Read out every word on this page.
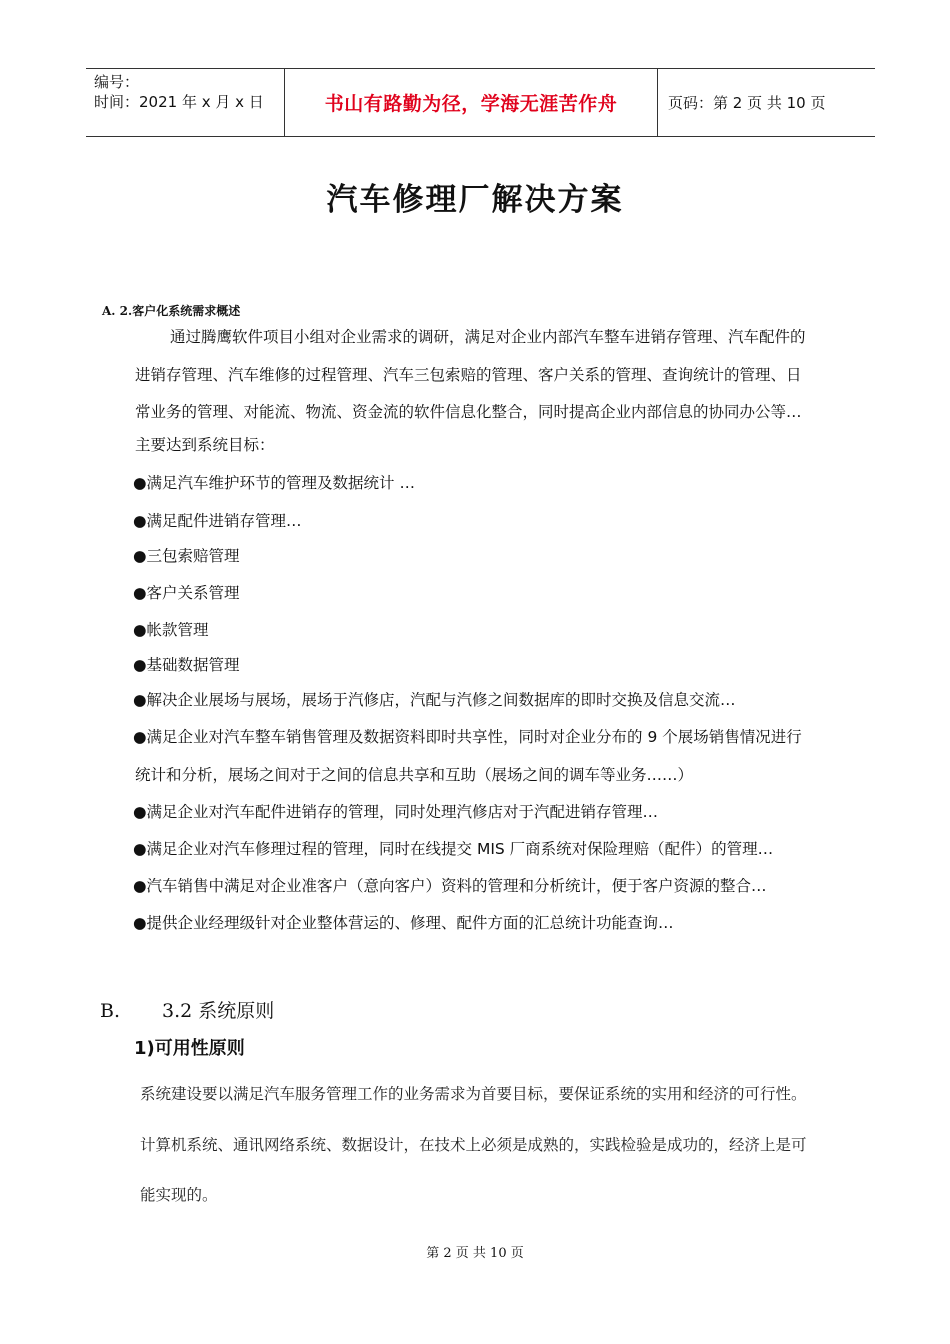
编号：
时间：2021 年 x 月 x 日	书山有路勤为径，学海无涯苦作舟	页码：第 2 页 共 10 页
汽车修理厂解决方案
A. 2.客户化系统需求概述
通过腾鹰软件项目小组对企业需求的调研，满足对企业内部汽车整车进销存管理、汽车配件的
进销存管理、汽车维修的过程管理、汽车三包索赔的管理、客户关系的管理、查询统计的管理、日
常业务的管理、对能流、物流、资金流的软件信息化整合，同时提高企业内部信息的协同办公等…
主要达到系统目标：
●满足汽车维护环节的管理及数据统计 …
●满足配件进销存管理…
●三包索赔管理
●客户关系管理
●帐款管理
●基础数据管理
●解决企业展场与展场，展场于汽修店，汽配与汽修之间数据库的即时交换及信息交流…
●满足企业对汽车整车销售管理及数据资料即时共享性，同时对企业分布的 9 个展场销售情况进行
统计和分析，展场之间对于之间的信息共享和互助（展场之间的调车等业务……）
●满足企业对汽车配件进销存的管理，同时处理汽修店对于汽配进销存管理…
●满足企业对汽车修理过程的管理，同时在线提交 MIS 厂商系统对保险理赔（配件）的管理…
●汽车销售中满足对企业准客户（意向客户）资料的管理和分析统计，便于客户资源的整合…
●提供企业经理级针对企业整体营运的、修理、配件方面的汇总统计功能查询…
B. 3.2 系统原则
1)可用性原则
系统建设要以满足汽车服务管理工作的业务需求为首要目标，要保证系统的实用和经济的可行性。
计算机系统、通讯网络系统、数据设计，在技术上必须是成熟的，实践检验是成功的，经济上是可
能实现的。
第 2 页 共 10 页
